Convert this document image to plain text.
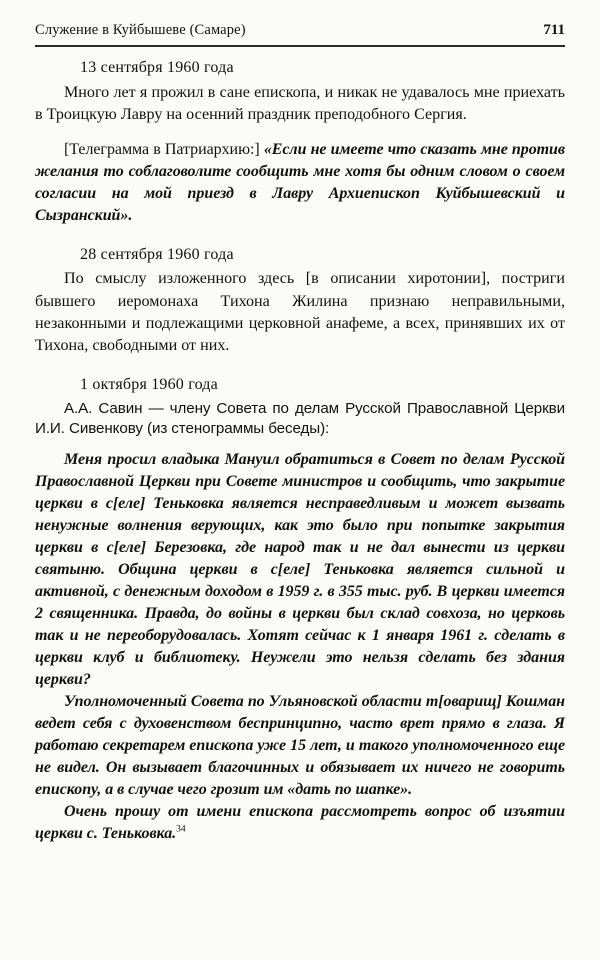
Служение в Куйбышеве (Самаре)	711
13 сентября 1960 года

Много лет я прожил в сане епископа, и никак не удавалось мне приехать в Троицкую Лавру на осенний праздник преподобного Сергия.

[Телеграмма в Патриархию:] «Если не имеете что сказать мне против желания то соблаговолите сообщить мне хотя бы одним словом о своем согласии на мой приезд в Лавру Архиепископ Куйбышевский и Сызранский».

28 сентября 1960 года

По смыслу изложенного здесь [в описании хиротонии], постриги бывшего иеромонаха Тихона Жилина признаю неправильными, незаконными и подлежащими церковной анафеме, а всех, принявших их от Тихона, свободными от них.

1 октября 1960 года

А.А. Савин — члену Совета по делам Русской Православной Церкви И.И. Сивенкову (из стенограммы беседы):

Меня просил владыка Мануил обратиться в Совет по делам Русской Православной Церкви при Совете министров и сообщить, что закрытие церкви в с[еле] Теньковка является несправедливым и может вызвать ненужные волнения верующих, как это было при попытке закрытия церкви в с[еле] Березовка, где народ так и не дал вынести из церкви святыню. Община церкви в с[еле] Теньковка является сильной и активной, с денежным доходом в 1959 г. в 355 тыс. руб. В церкви имеется 2 священника. Правда, до войны в церкви был склад совхоза, но церковь так и не переоборудовалась. Хотят сейчас к 1 января 1961 г. сделать в церкви клуб и библиотеку. Неужели это нельзя сделать без здания церкви?

Уполномоченный Совета по Ульяновской области т[оварищ] Кошман ведет себя с духовенством беспринципно, часто врет прямо в глаза. Я работаю секретарем епископа уже 15 лет, и такого уполномоченного еще не видел. Он вызывает благочинных и обязывает их ничего не говорить епископу, а в случае чего грозит им «дать по шапке».

Очень прошу от имени епископа рассмотреть вопрос об изъятии церкви с. Теньковка.$^{34}$
